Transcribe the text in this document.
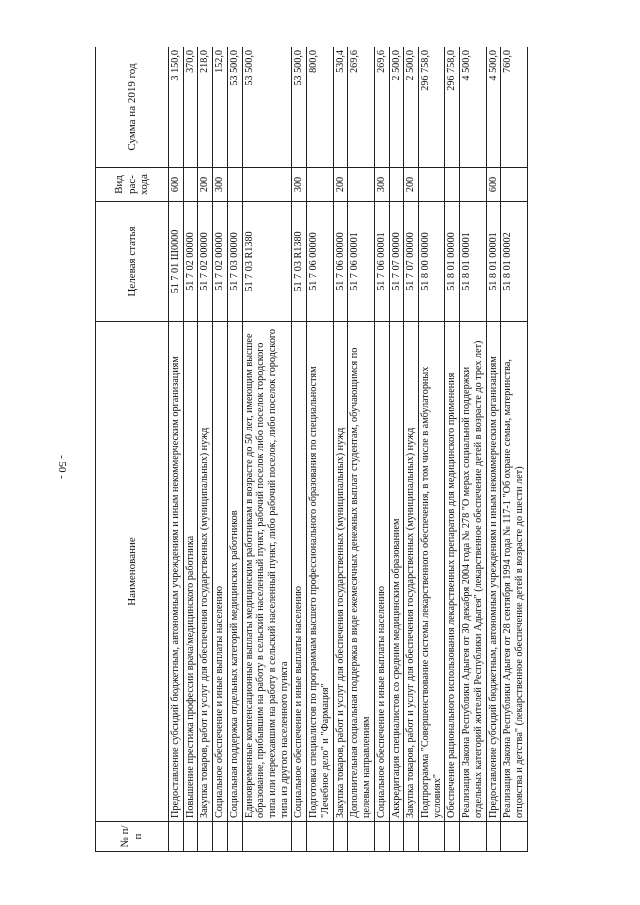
- 50 -
№ п/п	Наименование	Целевая статья	Вид рас-хода	Сумма на 2019 год
	Предоставление субсидий бюджетным, автономным учреждениям и иным некоммерческим организациям	51 7 01 Ш0000	600	3 150,0
	Повышение престижа профессии врача/медицинского работника	51 7 02 00000		370,0
	Закупка товаров, работ и услуг для обеспечения государственных (муниципальных) нужд	51 7 02 00000	200	218,0
	Социальное обеспечение и иные выплаты населению	51 7 02 00000	300	152,0
	Социальная поддержка отдельных категорий медицинских работников	51 7 03 00000		53 500,0
	Единовременные компенсационные выплаты медицинским работникам в возрасте до 50 лет, имеющим высшее образование, прибывшим на работу в сельский населенный пункт, рабочий поселок либо поселок городского типа или переехавшим на работу в сельский населенный пункт, либо рабочий поселок, либо поселок городского типа из другого населенного пункта	51 7 03 R1380		53 500,0
	Социальное обеспечение и иные выплаты населению	51 7 03 R1380	300	53 500,0
	Подготовка специалистов по программам высшего профессионального образования по специальностям "Лечебное дело" и "Фармация"	51 7 06 00000		800,0
	Закупка товаров, работ и услуг для обеспечения государственных (муниципальных) нужд	51 7 06 00000	200	530,4
	Дополнительная социальная поддержка в виде ежемесячных денежных выплат студентам, обучающимся по целевым направлениям	51 7 06 00001		269,6
	Социальное обеспечение и иные выплаты населению	51 7 06 00001	300	269,6
	Аккредитация специалистов со средним медицинским образованием	51 7 07 00000		2 500,0
	Закупка товаров, работ и услуг для обеспечения государственных (муниципальных) нужд	51 7 07 00000	200	2 500,0
	Подпрограмма "Совершенствование системы лекарственного обеспечения, в том числе в амбулаторных условиях"	51 8 00 00000		296 758,0
	Обеспечение рационального использования лекарственных препаратов для медицинского применения	51 8 01 00000		296 758,0
	Реализация Закона Республики Адыгея от 30 декабря 2004 года № 278 "О мерах социальной поддержки отдельных категорий жителей Республики Адыгея" (лекарственное обеспечение детей в возрасте до трех лет)	51 8 01 00001		4 500,0
	Предоставление субсидий бюджетным, автономным учреждениям и иным некоммерческим организациям	51 8 01 00001	600	4 500,0
	Реализация Закона Республики Адыгея от 28 сентября 1994 года № 117-1 "Об охране семьи, материнства, отцовства и детства" (лекарственное обеспечение детей в возрасте до шести лет)	51 8 01 00002		760,0
